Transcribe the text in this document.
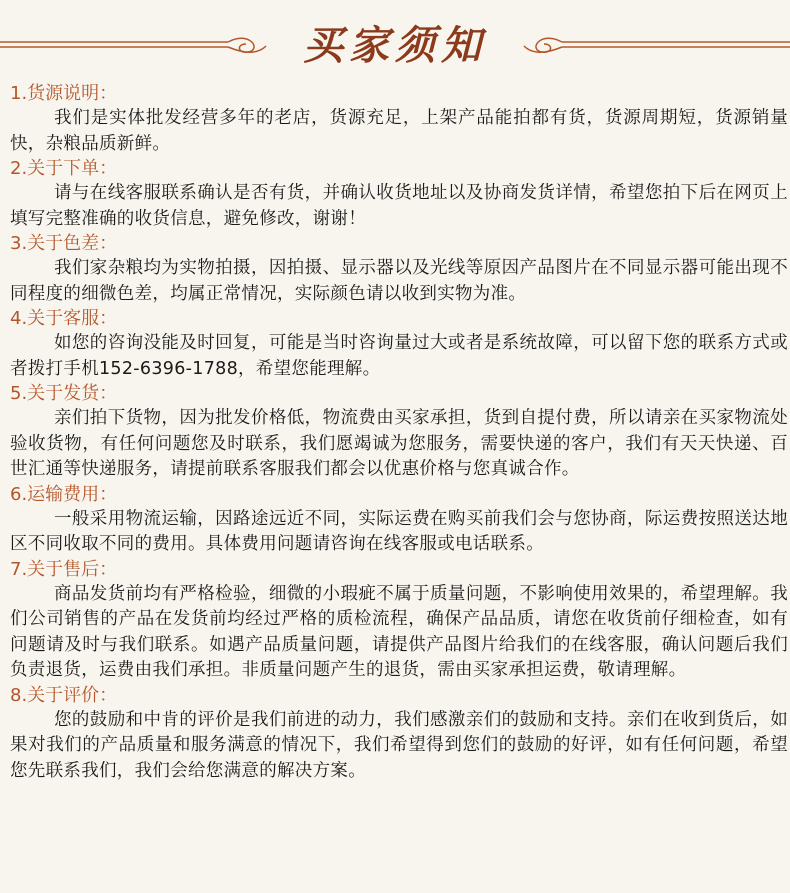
买家须知
1.货源说明：
我们是实体批发经营多年的老店，货源充足，上架产品能拍都有货，货源周期短，货源销量快，杂粮品质新鲜。
2.关于下单：
请与在线客服联系确认是否有货，并确认收货地址以及协商发货详情，希望您拍下后在网页上填写完整准确的收货信息，避免修改，谢谢！
3.关于色差：
我们家杂粮均为实物拍摄，因拍摄、显示器以及光线等原因产品图片在不同显示器可能出现不同程度的细微色差，均属正常情况，实际颜色请以收到实物为准。
4.关于客服：
如您的咨询没能及时回复，可能是当时咨询量过大或者是系统故障，可以留下您的联系方式或者拨打手机152-6396-1788，希望您能理解。
5.关于发货：
亲们拍下货物，因为批发价格低，物流费由买家承担，货到自提付费，所以请亲在买家物流处验收货物，有任何问题您及时联系，我们愿竭诚为您服务，需要快递的客户，我们有天天快递、百世汇通等快递服务，请提前联系客服我们都会以优惠价格与您真诚合作。
6.运输费用：
一般采用物流运输，因路途远近不同，实际运费在购买前我们会与您协商，际运费按照送达地区不同收取不同的费用。具体费用问题请咨询在线客服或电话联系。
7.关于售后：
商品发货前均有严格检验，细微的小瑕疵不属于质量问题，不影响使用效果的，希望理解。我们公司销售的产品在发货前均经过严格的质检流程，确保产品品质，请您在收货前仔细检查，如有问题请及时与我们联系。如遇产品质量问题，请提供产品图片给我们的在线客服，确认问题后我们负责退货，运费由我们承担。非质量问题产生的退货，需由买家承担运费，敬请理解。
8.关于评价：
您的鼓励和中肯的评价是我们前进的动力，我们感激亲们的鼓励和支持。亲们在收到货后，如果对我们的产品质量和服务满意的情况下，我们希望得到您们的鼓励的好评，如有任何问题，希望您先联系我们，我们会给您满意的解决方案。
